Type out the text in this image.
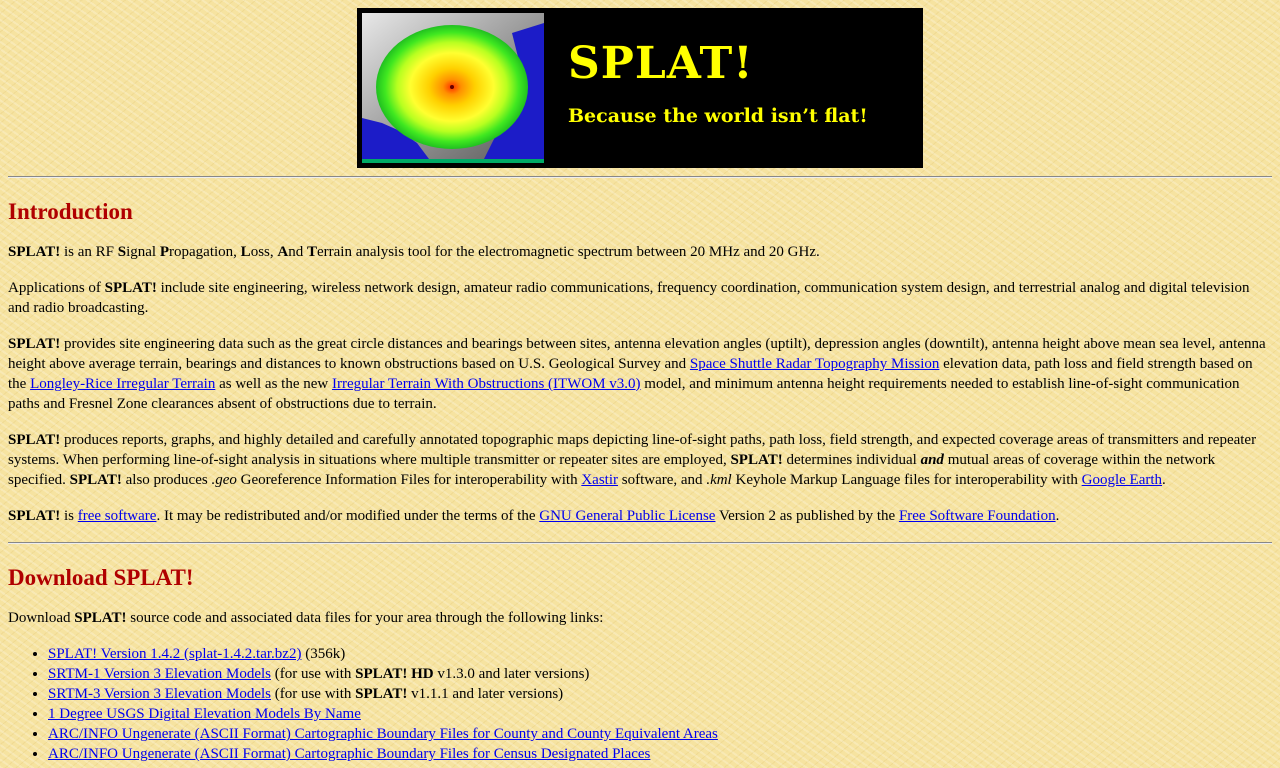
SPLAT!
Because the world isn’t flat!
Introduction

SPLAT! is an RF Signal Propagation, Loss, And Terrain analysis tool for the electromagnetic spectrum between 20 MHz and 20 GHz.

Applications of SPLAT! include site engineering, wireless network design, amateur radio communications, frequency coordination, communication system design, and terrestrial analog and digital television and radio broadcasting.

SPLAT! provides site engineering data such as the great circle distances and bearings between sites, antenna elevation angles (uptilt), depression angles (downtilt), antenna height above mean sea level, antenna height above average terrain, bearings and distances to known obstructions based on U.S. Geological Survey and Space Shuttle Radar Topography Mission elevation data, path loss and field strength based on the Longley-Rice Irregular Terrain as well as the new Irregular Terrain With Obstructions (ITWOM v3.0) model, and minimum antenna height requirements needed to establish line-of-sight communication paths and Fresnel Zone clearances absent of obstructions due to terrain.

SPLAT! produces reports, graphs, and highly detailed and carefully annotated topographic maps depicting line-of-sight paths, path loss, field strength, and expected coverage areas of transmitters and repeater systems. When performing line-of-sight analysis in situations where multiple transmitter or repeater sites are employed, SPLAT! determines individual and mutual areas of coverage within the network specified. SPLAT! also produces .geo Georeference Information Files for interoperability with Xastir software, and .kml Keyhole Markup Language files for interoperability with Google Earth.

SPLAT! is free software. It may be redistributed and/or modified under the terms of the GNU General Public License Version 2 as published by the Free Software Foundation.

Download SPLAT!

Download SPLAT! source code and associated data files for your area through the following links:

• SPLAT! Version 1.4.2 (splat-1.4.2.tar.bz2) (356k)
• SRTM-1 Version 3 Elevation Models (for use with SPLAT! HD v1.3.0 and later versions)
• SRTM-3 Version 3 Elevation Models (for use with SPLAT! v1.1.1 and later versions)
• 1 Degree USGS Digital Elevation Models By Name
• ARC/INFO Ungenerate (ASCII Format) Cartographic Boundary Files for County and County Equivalent Areas
• ARC/INFO Ungenerate (ASCII Format) Cartographic Boundary Files for Census Designated Places
